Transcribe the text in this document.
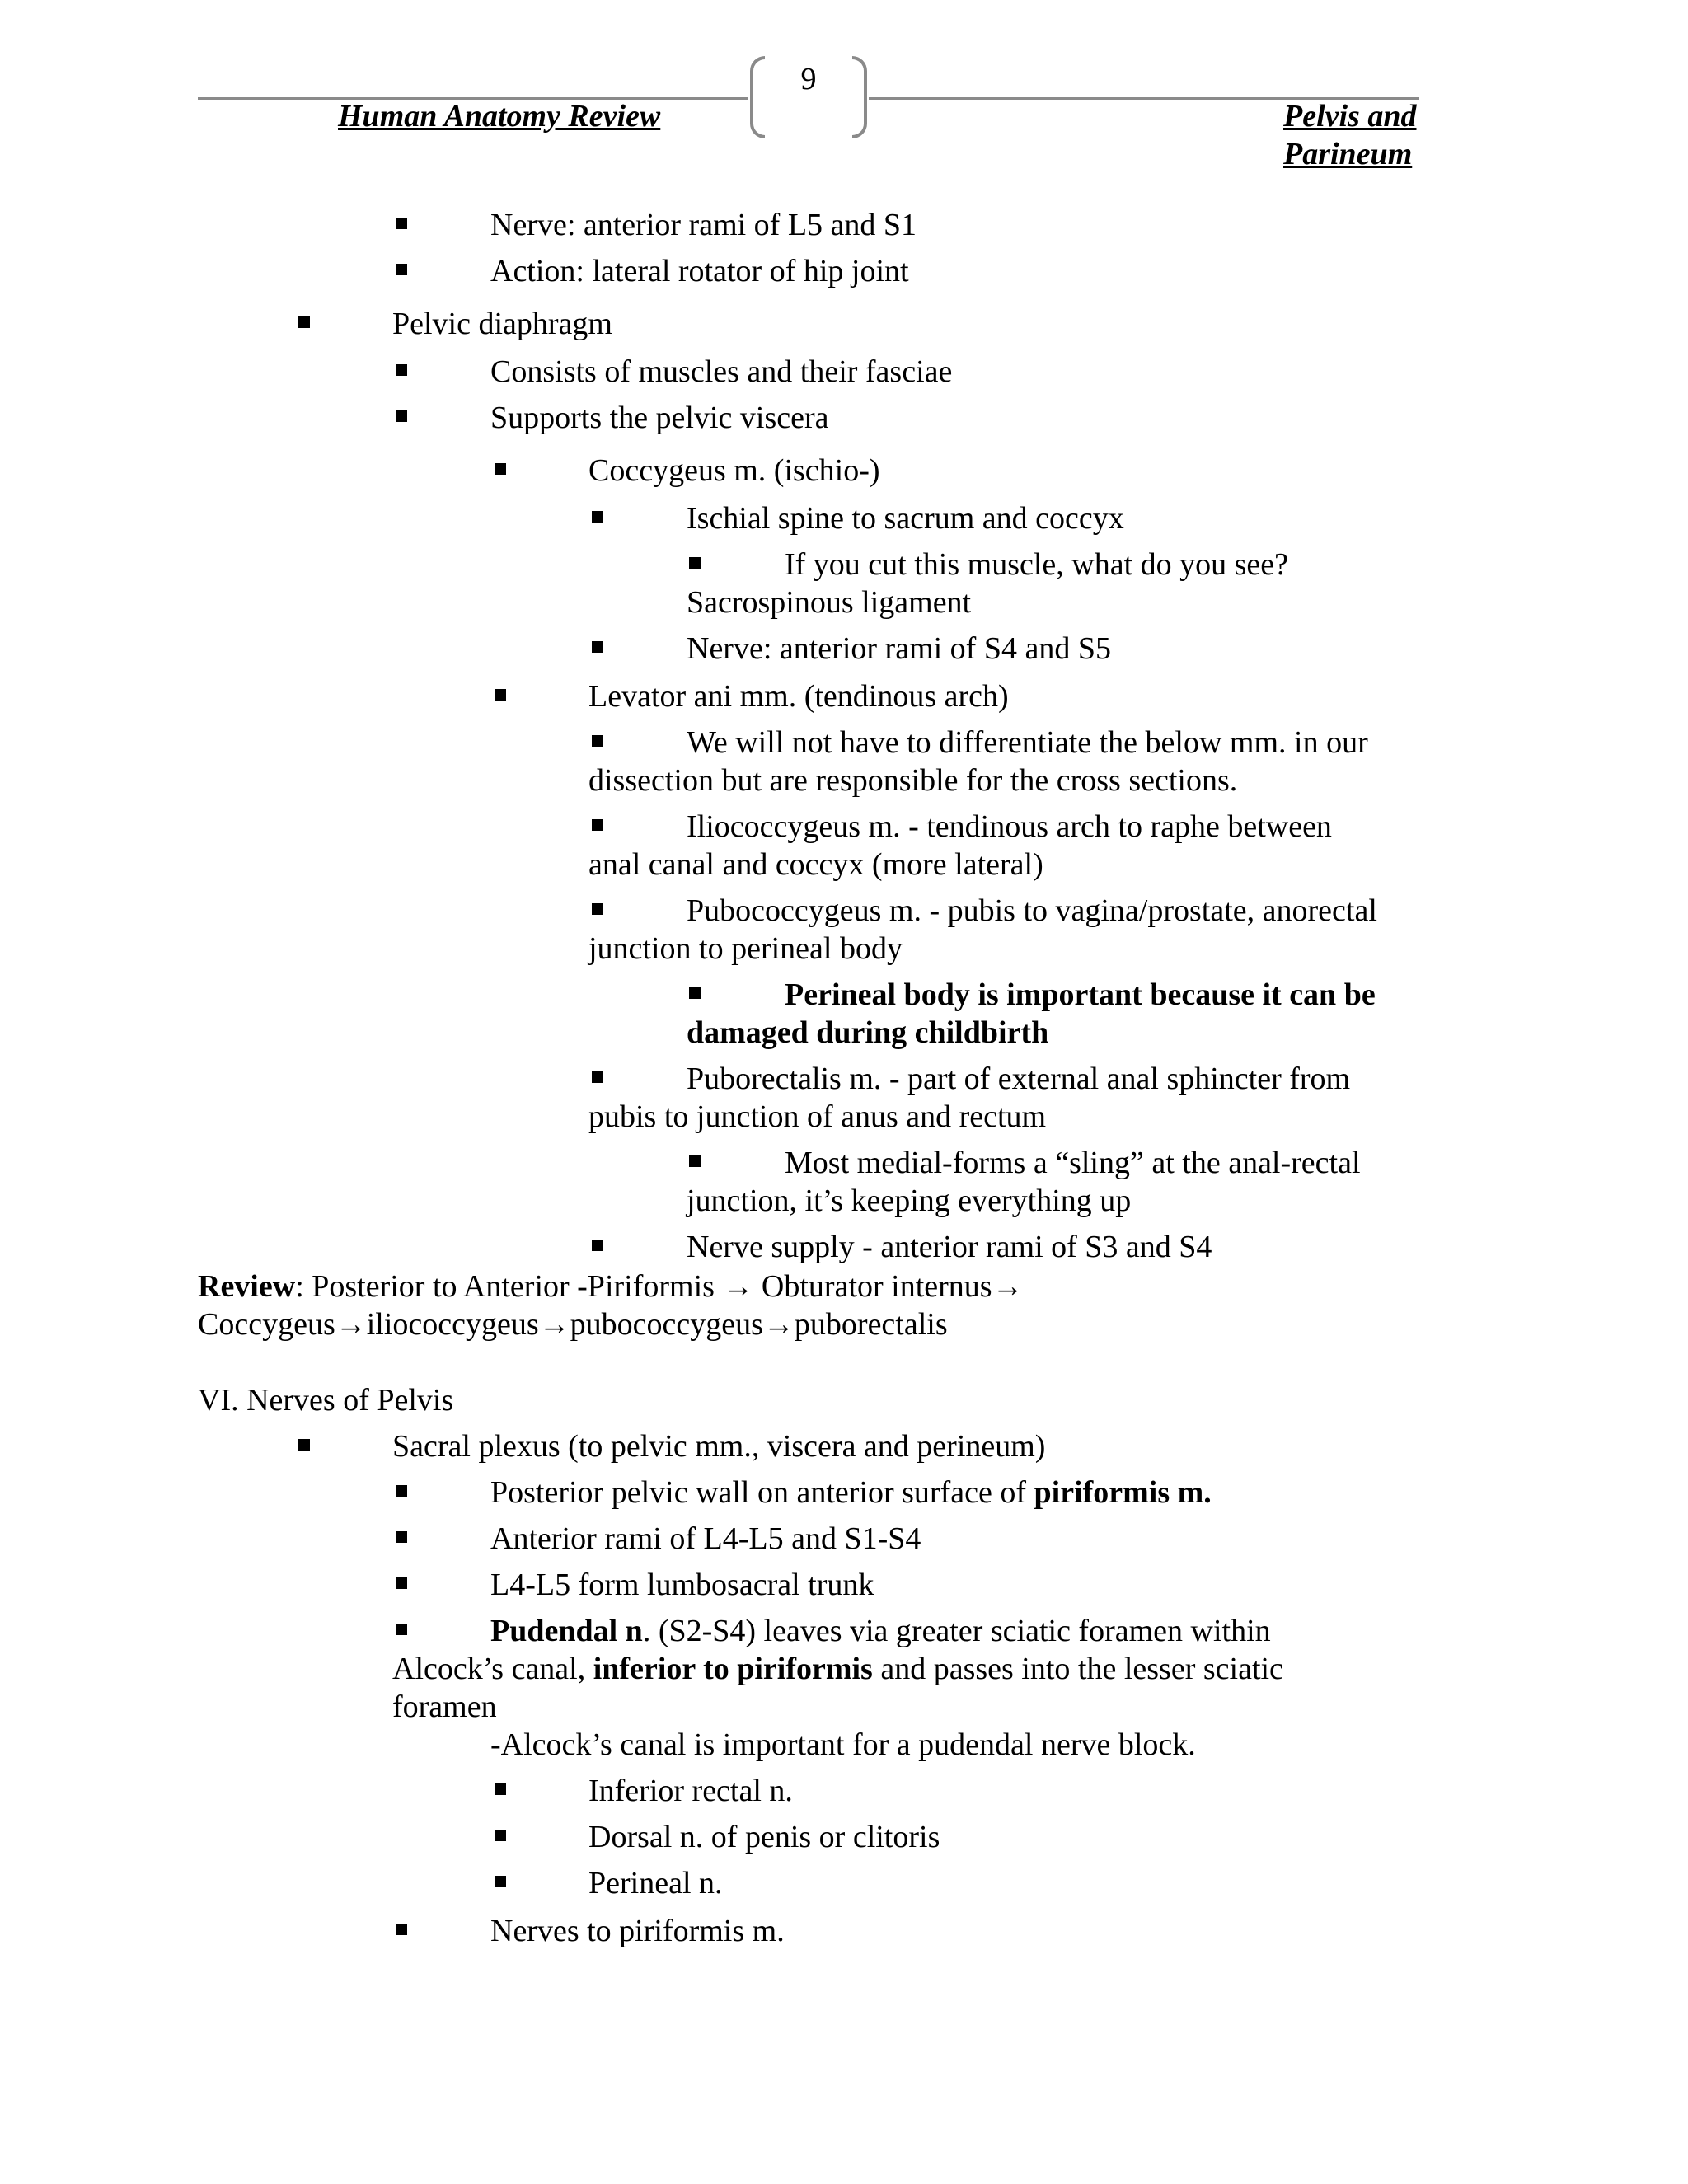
9
Human Anatomy Review	Pelvis and
Parineum
Nerve: anterior rami of L5 and S1
Action: lateral rotator of hip joint
Pelvic diaphragm
Consists of muscles and their fasciae
Supports the pelvic viscera
Coccygeus m. (ischio-)
Ischial spine to sacrum and coccyx
If you cut this muscle, what do you see?
Sacrospinous ligament
Nerve: anterior rami of S4 and S5
Levator ani mm. (tendinous arch)
We will not have to differentiate the below mm. in our
dissection but are responsible for the cross sections.
Iliococcygeus m. - tendinous arch to raphe between
anal canal and coccyx (more lateral)
Pubococcygeus m. - pubis to vagina/prostate, anorectal
junction to perineal body
Perineal body is important because it can be
damaged during childbirth
Puborectalis m. - part of external anal sphincter from
pubis to junction of anus and rectum
Most medial-forms a “sling” at the anal-rectal
junction, it’s keeping everything up
Nerve supply - anterior rami of S3 and S4
Review: Posterior to Anterior -Piriformis → Obturator internus→
Coccygeus→iliococcygeus→pubococcygeus→puborectalis
VI. Nerves of Pelvis
Sacral plexus (to pelvic mm., viscera and perineum)
Posterior pelvic wall on anterior surface of piriformis m.
Anterior rami of L4-L5 and S1-S4
L4-L5 form lumbosacral trunk
Pudendal n. (S2-S4) leaves via greater sciatic foramen within
Alcock’s canal, inferior to piriformis and passes into the lesser sciatic
foramen
-Alcock’s canal is important for a pudendal nerve block.
Inferior rectal n.
Dorsal n. of penis or clitoris
Perineal n.
Nerves to piriformis m.
